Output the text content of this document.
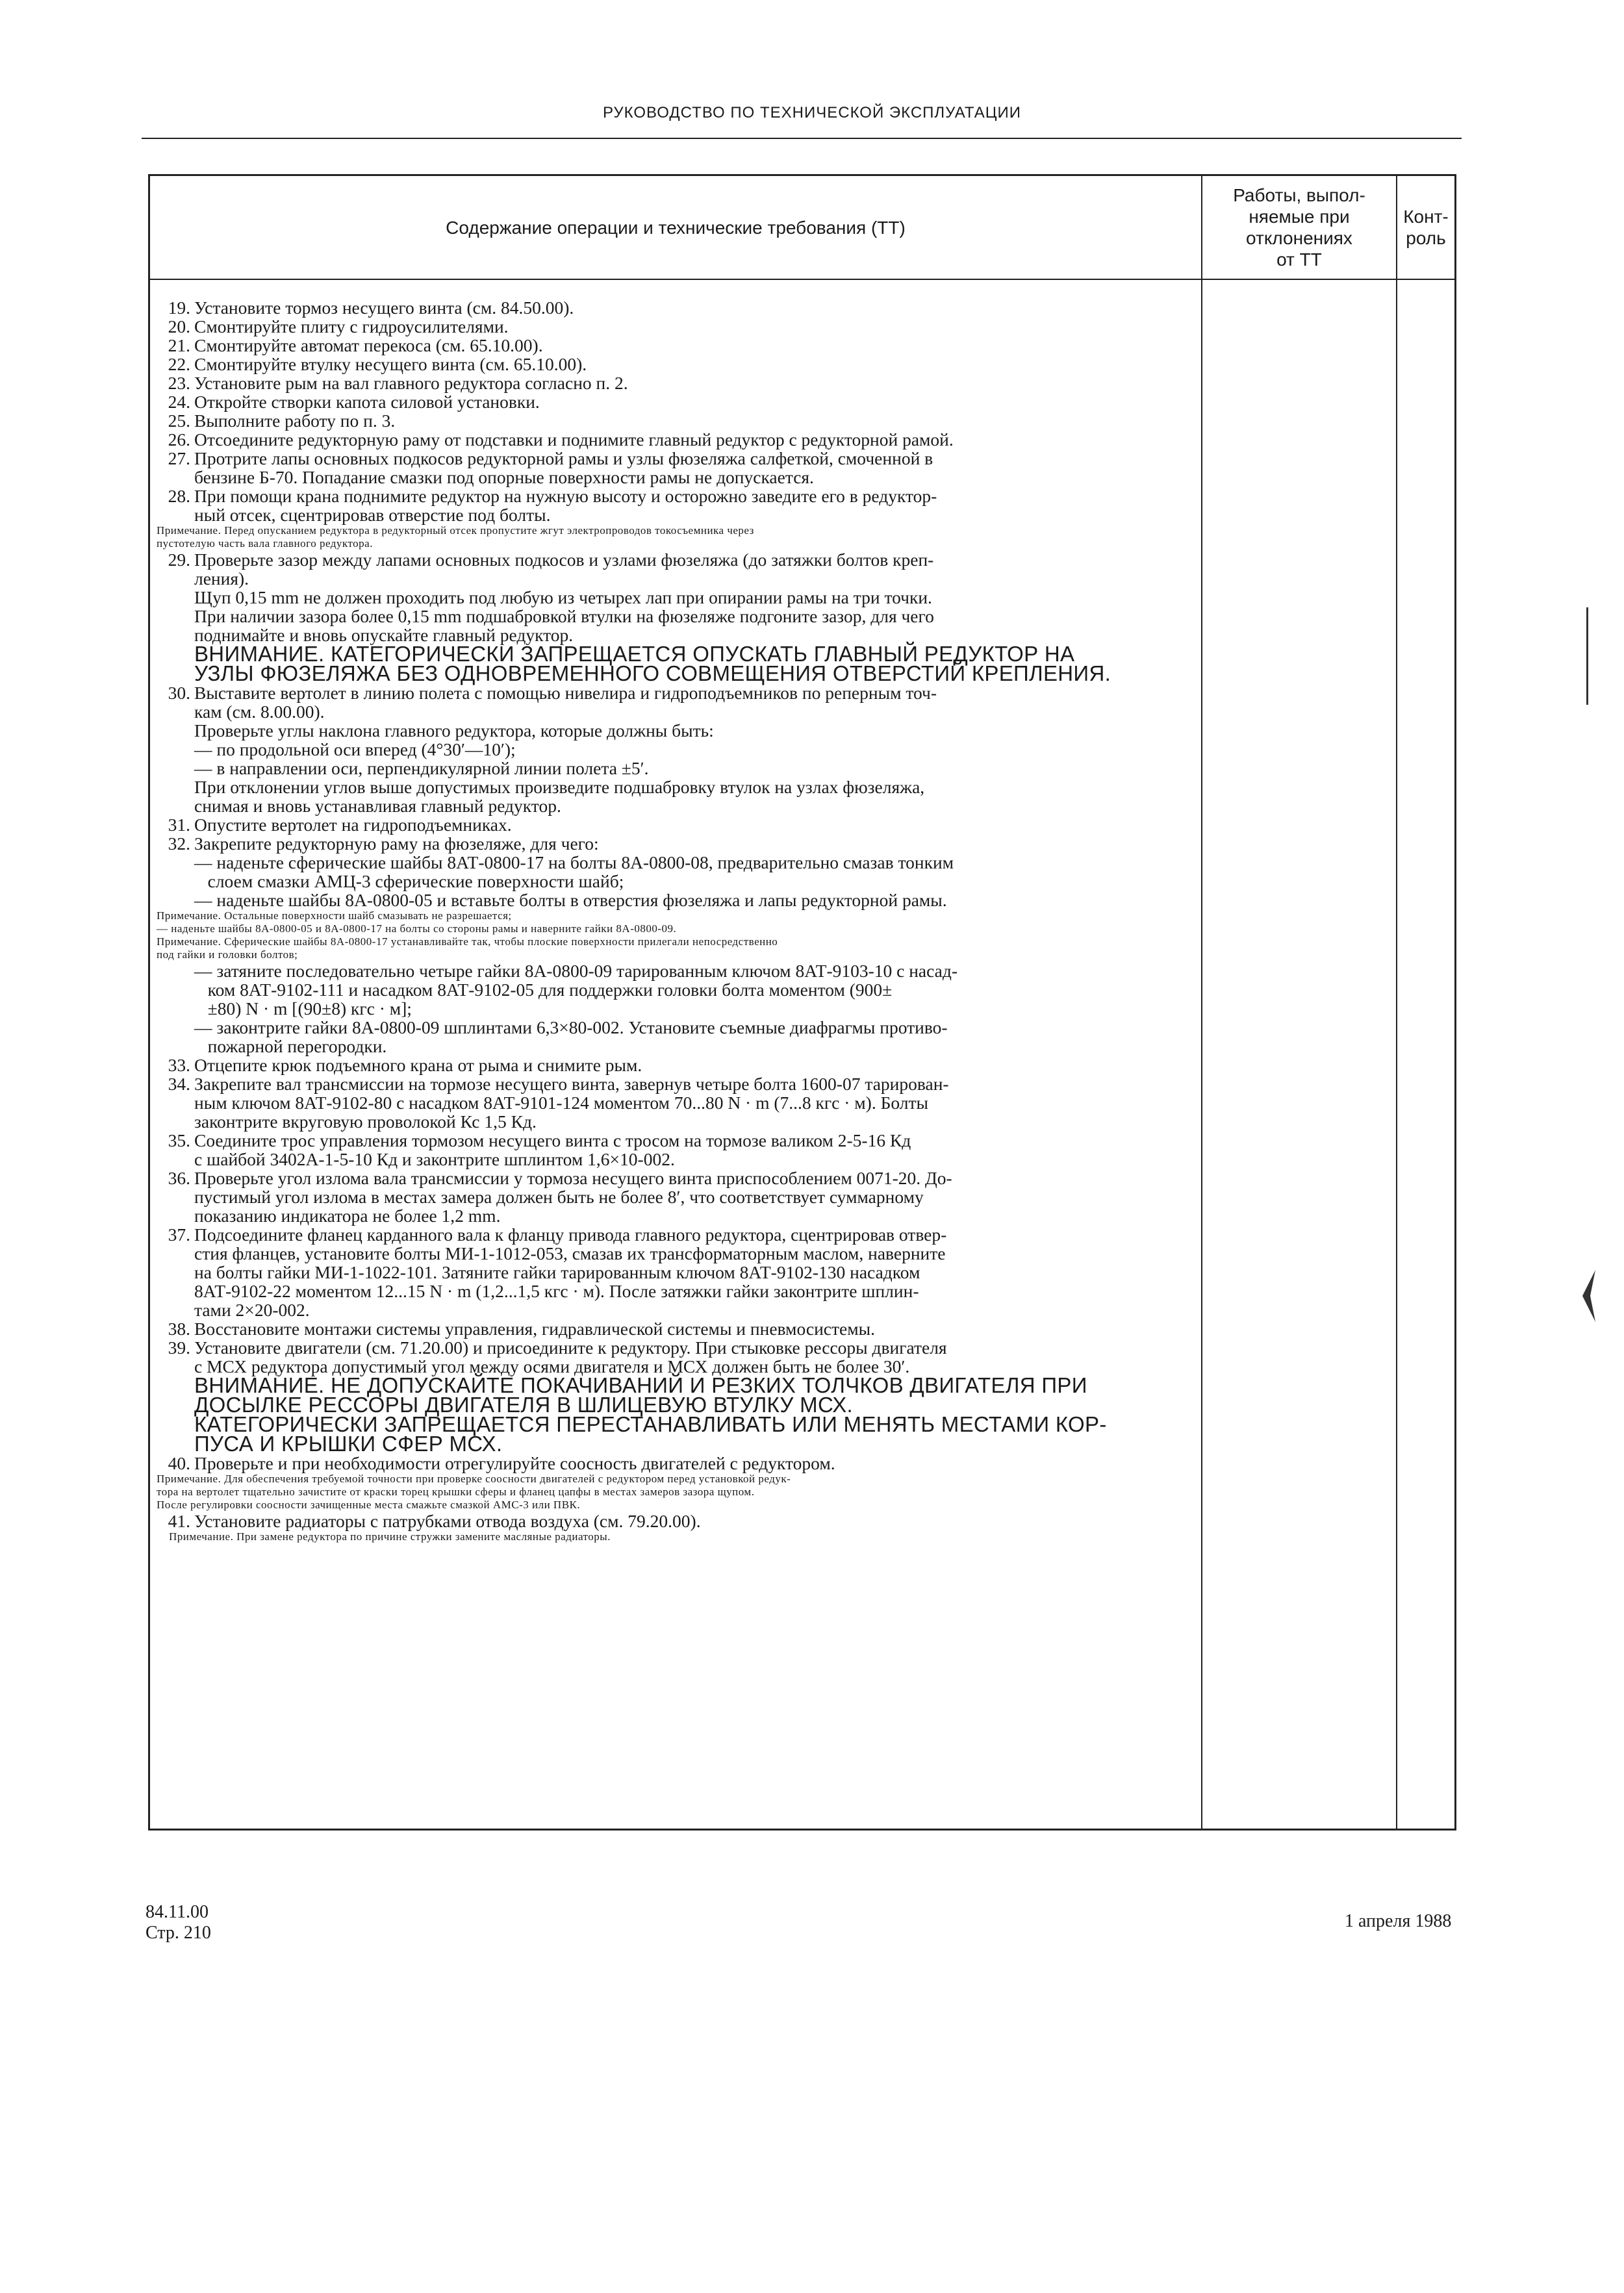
РУКОВОДСТВО ПО ТЕХНИЧЕСКОЙ ЭКСПЛУАТАЦИИ
Содержание операции и технические требования (ТТ)
Работы, выпол-
няемые при
отклонениях
от ТТ
Конт-
роль
19. Установите тормоз несущего винта (см. 84.50.00).
20. Смонтируйте плиту с гидроусилителями.
21. Смонтируйте автомат перекоса (см. 65.10.00).
22. Смонтируйте втулку несущего винта (см. 65.10.00).
23. Установите рым на вал главного редуктора согласно п. 2.
24. Откройте створки капота силовой установки.
25. Выполните работу по п. 3.
26. Отсоедините редукторную раму от подставки и поднимите главный редуктор с редукторной рамой.
27. Протрите лапы основных подкосов редукторной рамы и узлы фюзеляжа салфеткой, смоченной в
бензине Б-70. Попадание смазки под опорные поверхности рамы не допускается.
28. При помощи крана поднимите редуктор на нужную высоту и осторожно заведите его в редуктор-
ный отсек, сцентрировав отверстие под болты.
Примечание. Перед опусканием редуктора в редукторный отсек пропустите жгут электропроводов токосъемника через
пустотелую часть вала главного редуктора.
29. Проверьте зазор между лапами основных подкосов и узлами фюзеляжа (до затяжки болтов креп-
ления).
Щуп 0,15 mm не должен проходить под любую из четырех лап при опирании рамы на три точки.
При наличии зазора более 0,15 mm подшабровкой втулки на фюзеляже подгоните зазор, для чего
поднимайте и вновь опускайте главный редуктор.
ВНИМАНИЕ. КАТЕГОРИЧЕСКИ ЗАПРЕЩАЕТСЯ ОПУСКАТЬ ГЛАВНЫЙ РЕДУКТОР НА
УЗЛЫ ФЮЗЕЛЯЖА БЕЗ ОДНОВРЕМЕННОГО СОВМЕЩЕНИЯ ОТВЕРСТИЙ КРЕПЛЕНИЯ.
30. Выставите вертолет в линию полета с помощью нивелира и гидроподъемников по реперным точ-
кам (см. 8.00.00).
Проверьте углы наклона главного редуктора, которые должны быть:
— по продольной оси вперед (4°30′—10′);
— в направлении оси, перпендикулярной линии полета ±5′.
При отклонении углов выше допустимых произведите подшабровку втулок на узлах фюзеляжа,
снимая и вновь устанавливая главный редуктор.
31. Опустите вертолет на гидроподъемниках.
32. Закрепите редукторную раму на фюзеляже, для чего:
— наденьте сферические шайбы 8АТ-0800-17 на болты 8А-0800-08, предварительно смазав тонким
слоем смазки АМЦ-3 сферические поверхности шайб;
— наденьте шайбы 8А-0800-05 и вставьте болты в отверстия фюзеляжа и лапы редукторной рамы.
Примечание. Остальные поверхности шайб смазывать не разрешается;
— наденьте шайбы 8А-0800-05 и 8А-0800-17 на болты со стороны рамы и наверните гайки 8А-0800-09.
Примечание. Сферические шайбы 8А-0800-17 устанавливайте так, чтобы плоские поверхности прилегали непосредственно
под гайки и головки болтов;
— затяните последовательно четыре гайки 8А-0800-09 тарированным ключом 8АТ-9103-10 с насад-
ком 8АТ-9102-111 и насадком 8АТ-9102-05 для поддержки головки болта моментом (900±
±80) N · m [(90±8) кгс · м];
— законтрите гайки 8А-0800-09 шплинтами 6,3×80-002. Установите съемные диафрагмы противо-
пожарной перегородки.
33. Отцепите крюк подъемного крана от рыма и снимите рым.
34. Закрепите вал трансмиссии на тормозе несущего винта, завернув четыре болта 1600-07 тарирован-
ным ключом 8АТ-9102-80 с насадком 8АТ-9101-124 моментом 70...80 N · m (7...8 кгс · м). Болты
законтрите вкруговую проволокой Кс 1,5 Кд.
35. Соедините трос управления тормозом несущего винта с тросом на тормозе валиком 2-5-16 Кд
с шайбой 3402А-1-5-10 Кд и законтрите шплинтом 1,6×10-002.
36. Проверьте угол излома вала трансмиссии у тормоза несущего винта приспособлением 0071-20. До-
пустимый угол излома в местах замера должен быть не более 8′, что соответствует суммарному
показанию индикатора не более 1,2 mm.
37. Подсоедините фланец карданного вала к фланцу привода главного редуктора, сцентрировав отвер-
стия фланцев, установите болты МИ-1-1012-053, смазав их трансформаторным маслом, наверните
на болты гайки МИ-1-1022-101. Затяните гайки тарированным ключом 8АТ-9102-130 насадком
8АТ-9102-22 моментом 12...15 N · m (1,2...1,5 кгс · м). После затяжки гайки законтрите шплин-
тами 2×20-002.
38. Восстановите монтажи системы управления, гидравлической системы и пневмосистемы.
39. Установите двигатели (см. 71.20.00) и присоедините к редуктору. При стыковке рессоры двигателя
с МСХ редуктора допустимый угол между осями двигателя и МСХ должен быть не более 30′.
ВНИМАНИЕ. НЕ ДОПУСКАЙТЕ ПОКАЧИВАНИЙ И РЕЗКИХ ТОЛЧКОВ ДВИГАТЕЛЯ ПРИ
ДОСЫЛКЕ РЕССОРЫ ДВИГАТЕЛЯ В ШЛИЦЕВУЮ ВТУЛКУ МСХ.
КАТЕГОРИЧЕСКИ ЗАПРЕЩАЕТСЯ ПЕРЕСТАНАВЛИВАТЬ ИЛИ МЕНЯТЬ МЕСТАМИ КОР-
ПУСА И КРЫШКИ СФЕР МСХ.
40. Проверьте и при необходимости отрегулируйте соосность двигателей с редуктором.
Примечание. Для обеспечения требуемой точности при проверке соосности двигателей с редуктором перед установкой редук-
тора на вертолет тщательно зачистите от краски торец крышки сферы и фланец цапфы в местах замеров зазора щупом.
После регулировки соосности зачищенные места смажьте смазкой АМС-3 или ПВК.
41. Установите радиаторы с патрубками отвода воздуха (см. 79.20.00).
Примечание. При замене редуктора по причине стружки замените масляные радиаторы.
84.11.00
Стр. 210
1 апреля 1988
